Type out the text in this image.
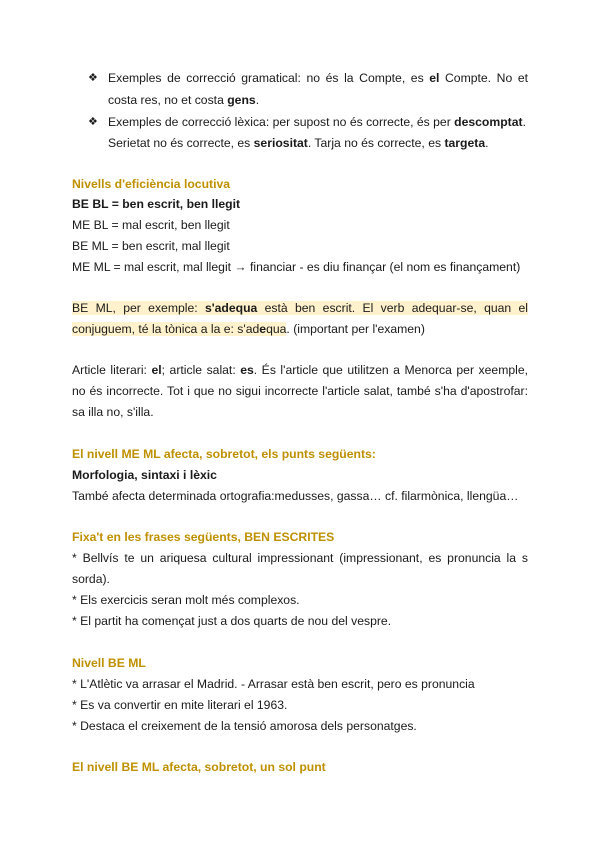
❖ Exemples de correcció gramatical: no és la Compte, es el Compte. No et
costa res, no et costa gens.
❖ Exemples de correcció lèxica: per supost no és correcte, és per descomptat.
Serietat no és correcte, es seriositat. Tarja no és correcte, es targeta.
Nivells d'eficiència locutiva
BE BL = ben escrit, ben llegit
ME BL = mal escrit, ben llegit
BE ML = ben escrit, mal llegit
ME ML = mal escrit, mal llegit → financiar - es diu finançar (el nom es finançament)
BE ML, per exemple: s'adequa està ben escrit. El verb adequar-se, quan el
conjuguem, té la tònica a la e: s'adequa. (important per l'examen)
Article literari: el; article salat: es. És l'article que utilitzen a Menorca per xeemple,
no és incorrecte. Tot i que no sigui incorrecte l'article salat, també s'ha d'apostrofar:
sa illa no, s'illa.
El nivell ME ML afecta, sobretot, els punts següents:
Morfologia, sintaxi i lèxic
També afecta determinada ortografia:medusses, gassa… cf. filarmònica, llengüa…
Fixa't en les frases següents, BEN ESCRITES
* Bellvís te un ariquesa cultural impressionant (impressionant, es pronuncia la s
sorda).
* Els exercicis seran molt més complexos.
* El partit ha començat just a dos quarts de nou del vespre.
Nivell BE ML
* L'Atlètic va arrasar el Madrid. - Arrasar està ben escrit, pero es pronuncia
* Es va convertir en mite literari el 1963.
* Destaca el creixement de la tensió amorosa dels personatges.
El nivell BE ML afecta, sobretot, un sol punt
